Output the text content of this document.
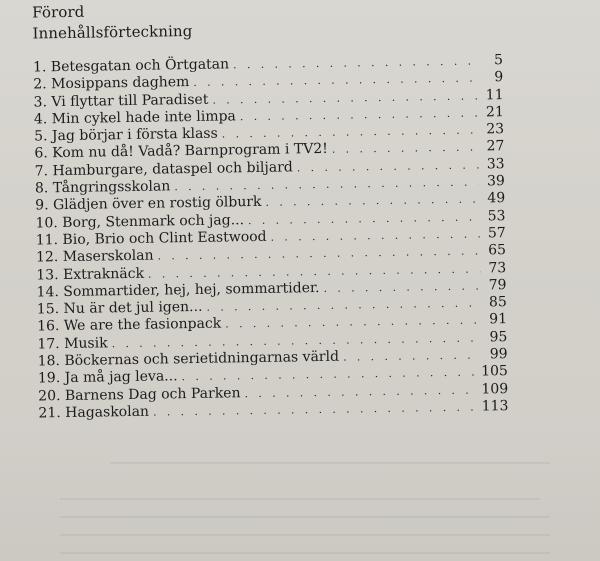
Förord
Innehållsförteckning
1. Betesgatan och Örtgatan . . .	5
2. Mosippans daghem . . .	9
3. Vi flyttar till Paradiset . . .	11
4. Min cykel hade inte limpa . . .	21
5. Jag börjar i första klass . . .	23
6. Kom nu då! Vadå? Barnprogram i TV2! . . .	27
7. Hamburgare, dataspel och biljard . . .	33
8. Tångringsskolan . . .	39
9. Glädjen över en rostig ölburk . . .	49
10. Borg, Stenmark och jag... . . .	53
11. Bio, Brio och Clint Eastwood . . .	57
12. Maserskolan . . .	65
13. Extraknäck . . .	73
14. Sommartider, hej, hej, sommartider. . . .	79
15. Nu är det jul igen... . . .	85
16. We are the fasionpack . . .	91
17. Musik . . .	95
18. Böckernas och serietidningarnas värld . . .	99
19. Ja må jag leva... . . .	105
20. Barnens Dag och Parken . . .	109
21. Hagaskolan . . .	113
